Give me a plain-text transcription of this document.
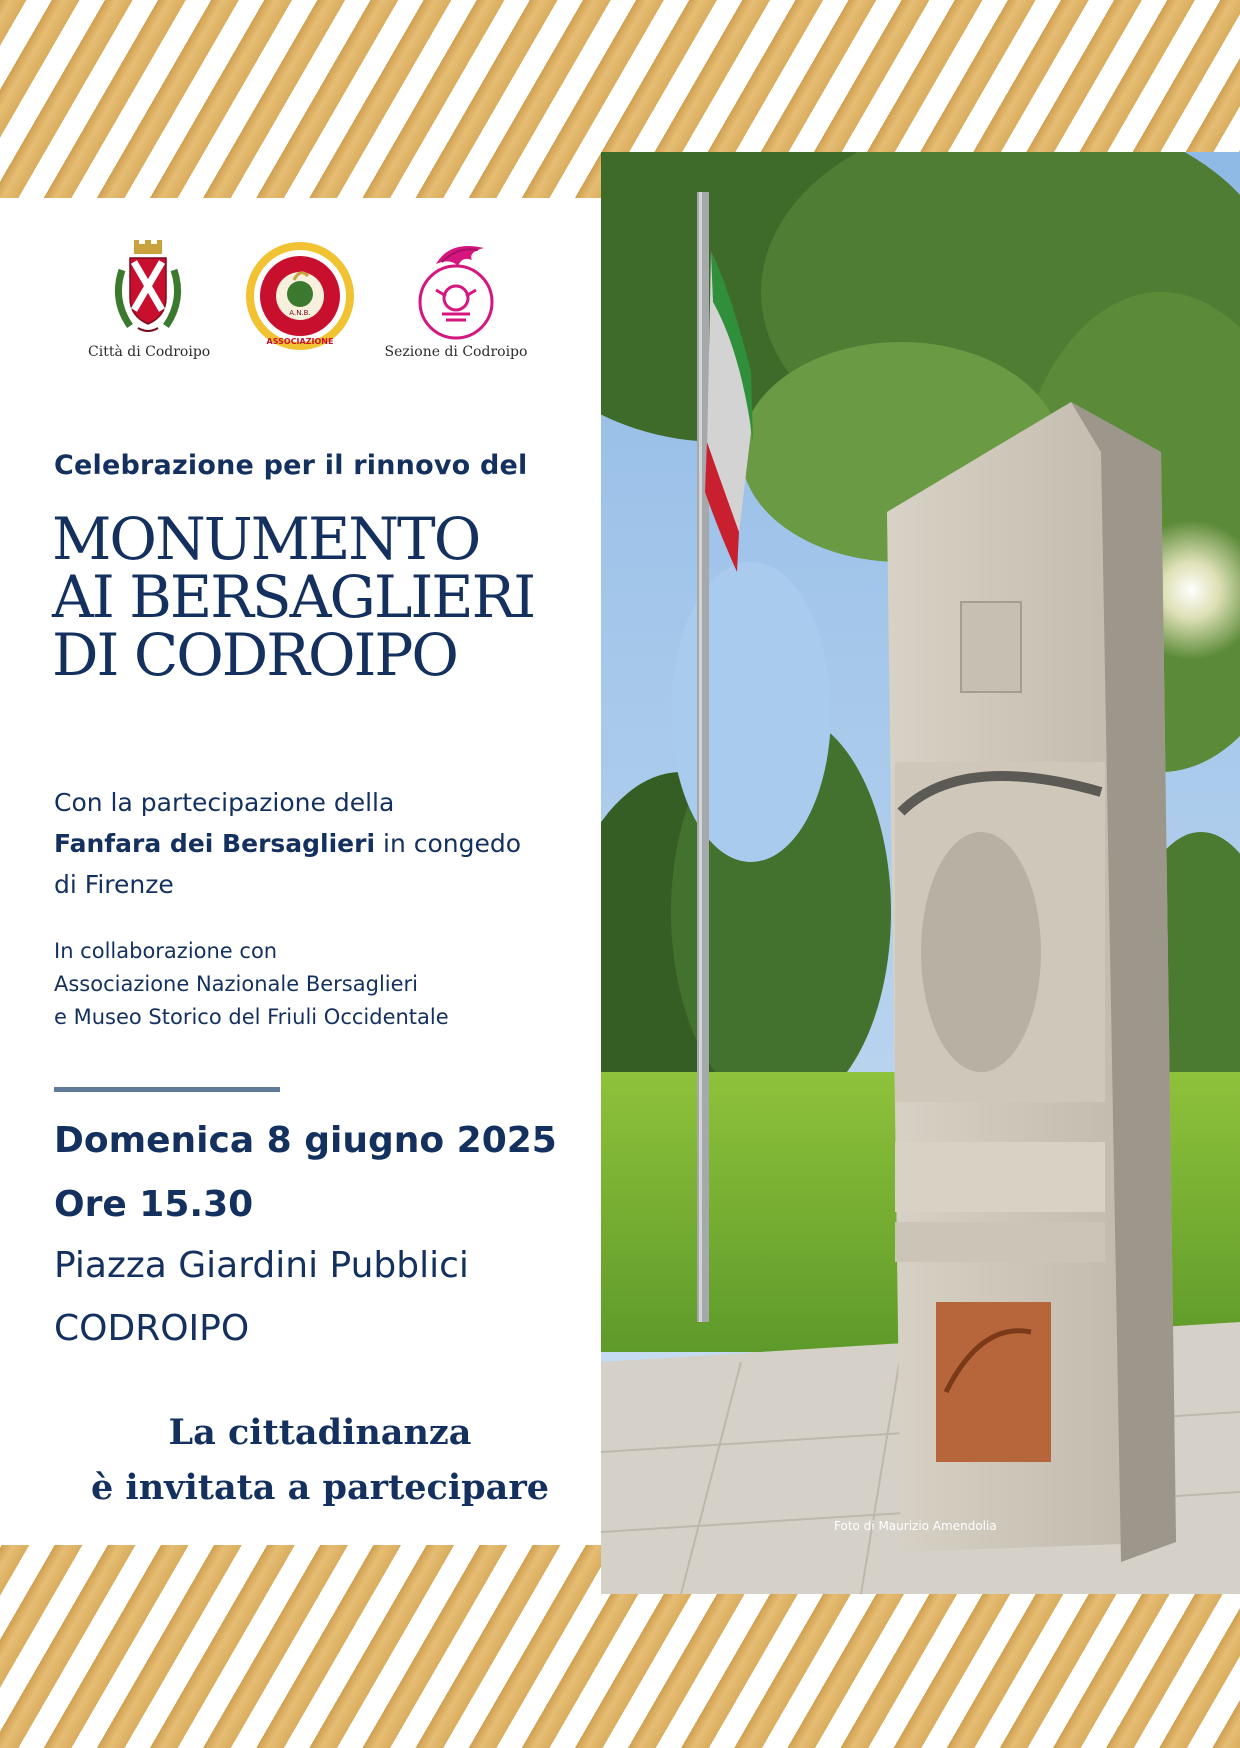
Città di Codroipo
A.N.B.
ASSOCIAZIONE
Sezione di Codroipo
Celebrazione per il rinnovo del
MONUMENTO
AI BERSAGLIERI
DI CODROIPO
Con la partecipazione della
Fanfara dei Bersaglieri in congedo
di Firenze
In collaborazione con
Associazione Nazionale Bersaglieri
e Museo Storico del Friuli Occidentale
Domenica 8 giugno 2025
Ore 15.30
Piazza Giardini Pubblici
CODROIPO
La cittadinanza
è invitata a partecipare
Foto di Maurizio Amendolia
